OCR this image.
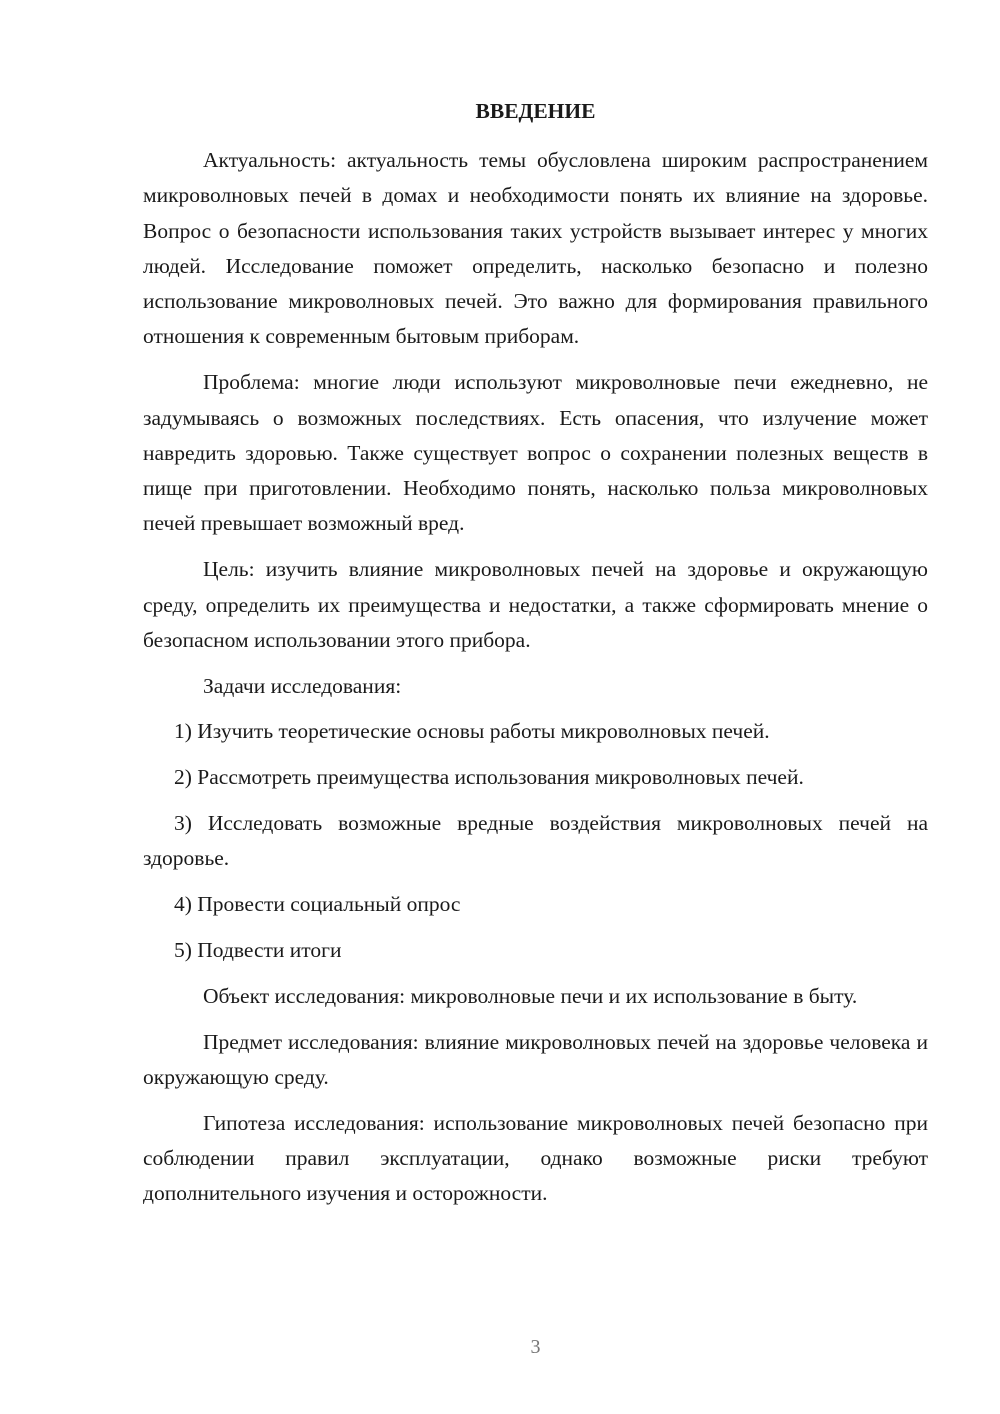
ВВЕДЕНИЕ

Актуальность: актуальность темы обусловлена широким распространением микроволновых печей в домах и необходимости понять их влияние на здоровье. Вопрос о безопасности использования таких устройств вызывает интерес у многих людей. Исследование поможет определить, насколько безопасно и полезно использование микроволновых печей. Это важно для формирования правильного отношения к современным бытовым приборам.

Проблема: многие люди используют микроволновые печи ежедневно, не задумываясь о возможных последствиях. Есть опасения, что излучение может навредить здоровью. Также существует вопрос о сохранении полезных веществ в пище при приготовлении. Необходимо понять, насколько польза микроволновых печей превышает возможный вред.

Цель: изучить влияние микроволновых печей на здоровье и окружающую среду, определить их преимущества и недостатки, а также сформировать мнение о безопасном использовании этого прибора.

Задачи исследования:

1) Изучить теоретические основы работы микроволновых печей.

2) Рассмотреть преимущества использования микроволновых печей.

3) Исследовать возможные вредные воздействия микроволновых печей на здоровье.

4) Провести социальный опрос

5) Подвести итоги

Объект исследования: микроволновые печи и их использование в быту.

Предмет исследования: влияние микроволновых печей на здоровье человека и окружающую среду.

Гипотеза исследования: использование микроволновых печей безопасно при соблюдении правил эксплуатации, однако возможные риски требуют дополнительного изучения и осторожности.

3
